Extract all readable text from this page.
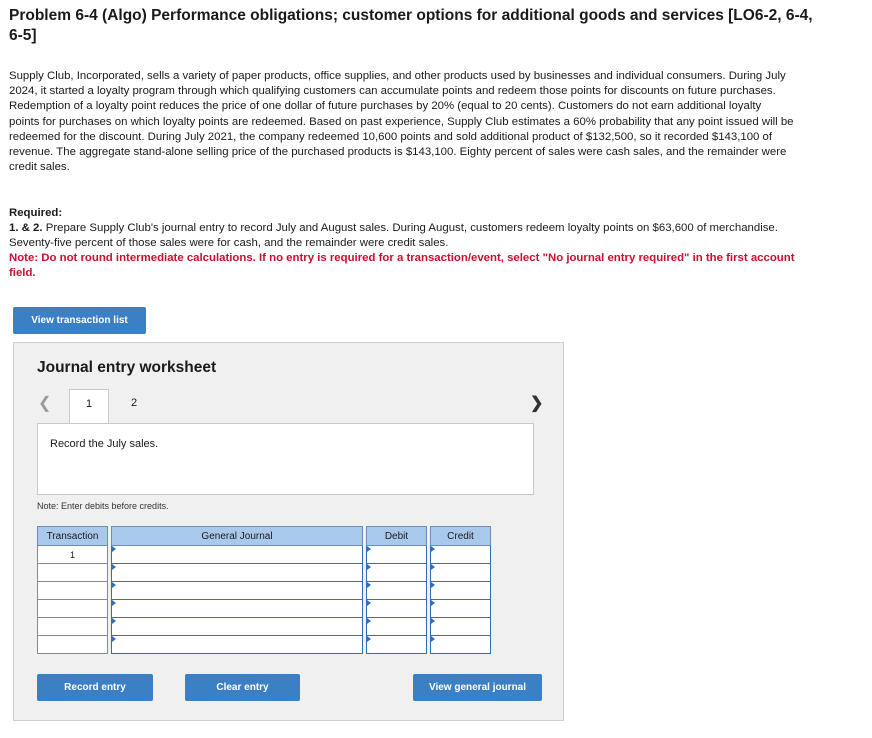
Problem 6-4 (Algo) Performance obligations; customer options for additional goods and services [LO6-2, 6-4, 6-5]
Supply Club, Incorporated, sells a variety of paper products, office supplies, and other products used by businesses and individual consumers. During July 2024, it started a loyalty program through which qualifying customers can accumulate points and redeem those points for discounts on future purchases. Redemption of a loyalty point reduces the price of one dollar of future purchases by 20% (equal to 20 cents). Customers do not earn additional loyalty points for purchases on which loyalty points are redeemed. Based on past experience, Supply Club estimates a 60% probability that any point issued will be redeemed for the discount. During July 2021, the company redeemed 10,600 points and sold additional product of $132,500, so it recorded $143,100 of revenue. The aggregate stand-alone selling price of the purchased products is $143,100. Eighty percent of sales were cash sales, and the remainder were credit sales.
Required:
1. & 2. Prepare Supply Club's journal entry to record July and August sales. During August, customers redeem loyalty points on $63,600 of merchandise. Seventy-five percent of those sales were for cash, and the remainder were credit sales.
Note: Do not round intermediate calculations. If no entry is required for a transaction/event, select "No journal entry required" in the first account field.
View transaction list
Journal entry worksheet
❮	1	2	❯
Record the July sales.
Note: Enter debits before credits.
Transaction		General Journal		Debit		Credit
1		

Record entry	Clear entry	View general journal
